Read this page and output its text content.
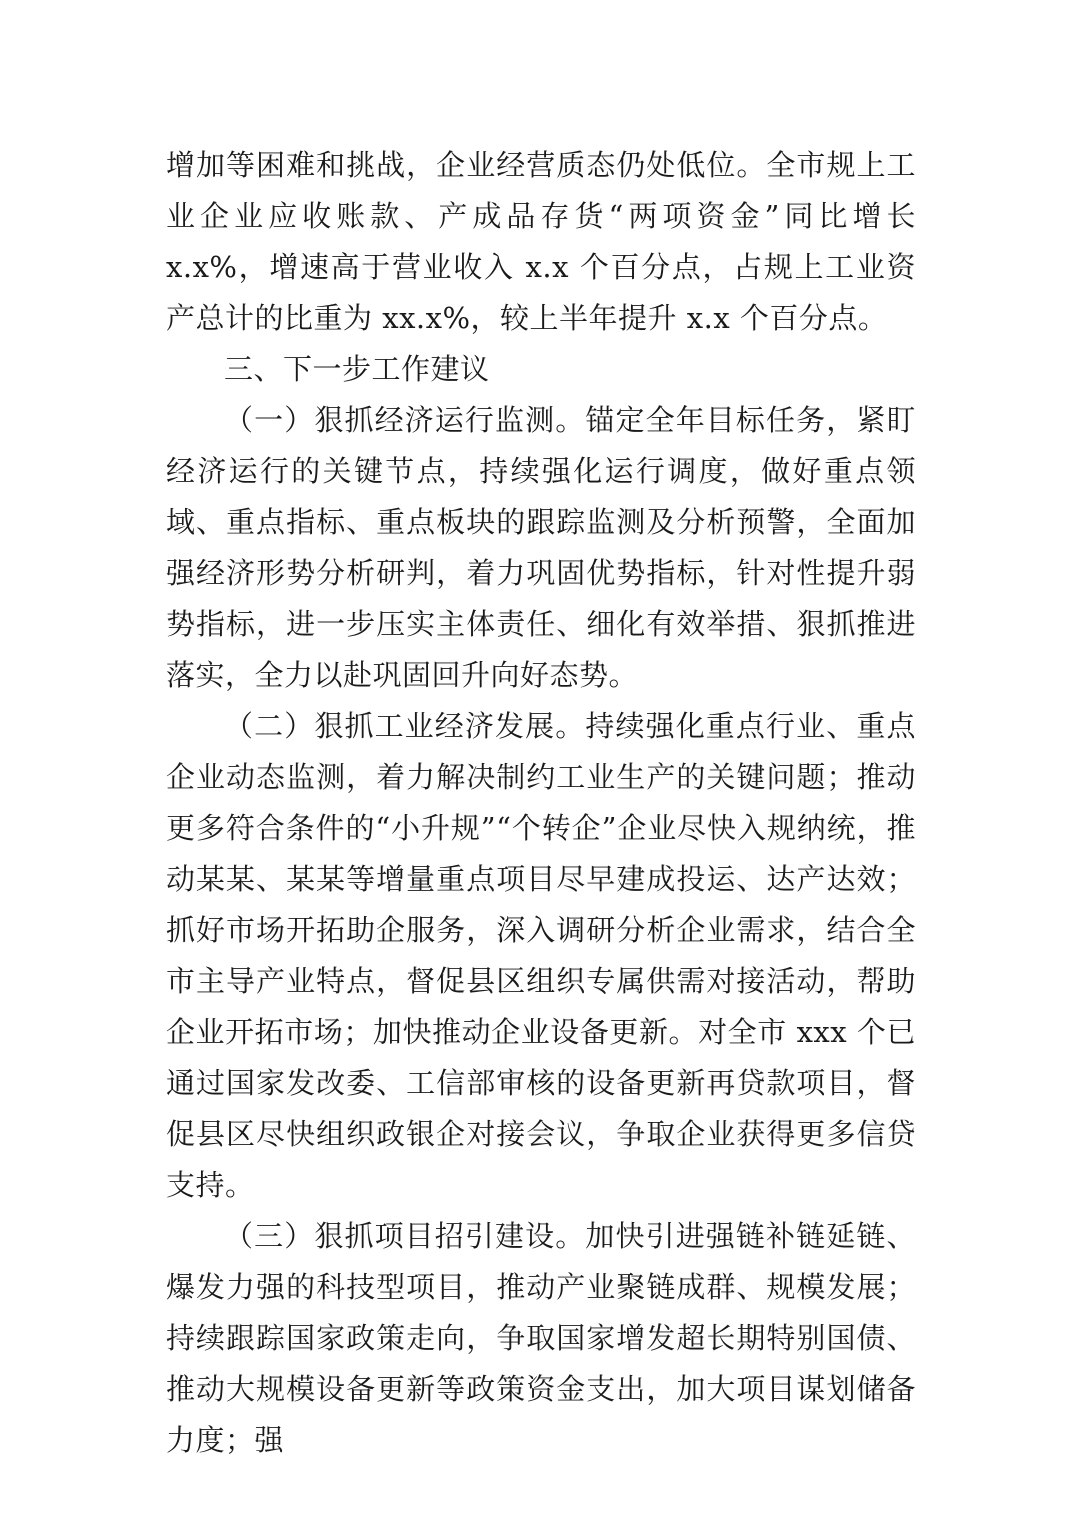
增加等困难和挑战，企业经营质态仍处低位。全市规上工业企业应收账款、产成品存货“两项资金”同比增长 x.x%，增速高于营业收入 x.x 个百分点，占规上工业资产总计的比重为 xx.x%，较上半年提升 x.x 个百分点。

三、下一步工作建议

（一）狠抓经济运行监测。锚定全年目标任务，紧盯经济运行的关键节点，持续强化运行调度，做好重点领域、重点指标、重点板块的跟踪监测及分析预警，全面加强经济形势分析研判，着力巩固优势指标，针对性提升弱势指标，进一步压实主体责任、细化有效举措、狠抓推进落实，全力以赴巩固回升向好态势。

（二）狠抓工业经济发展。持续强化重点行业、重点企业动态监测，着力解决制约工业生产的关键问题；推动更多符合条件的“小升规”“个转企”企业尽快入规纳统，推动某某、某某等增量重点项目尽早建成投运、达产达效；抓好市场开拓助企服务，深入调研分析企业需求，结合全市主导产业特点，督促县区组织专属供需对接活动，帮助企业开拓市场；加快推动企业设备更新。对全市 xxx 个已通过国家发改委、工信部审核的设备更新再贷款项目，督促县区尽快组织政银企对接会议，争取企业获得更多信贷支持。

（三）狠抓项目招引建设。加快引进强链补链延链、爆发力强的科技型项目，推动产业聚链成群、规模发展；持续跟踪国家政策走向，争取国家增发超长期特别国债、推动大规模设备更新等政策资金支出，加大项目谋划储备力度；强
